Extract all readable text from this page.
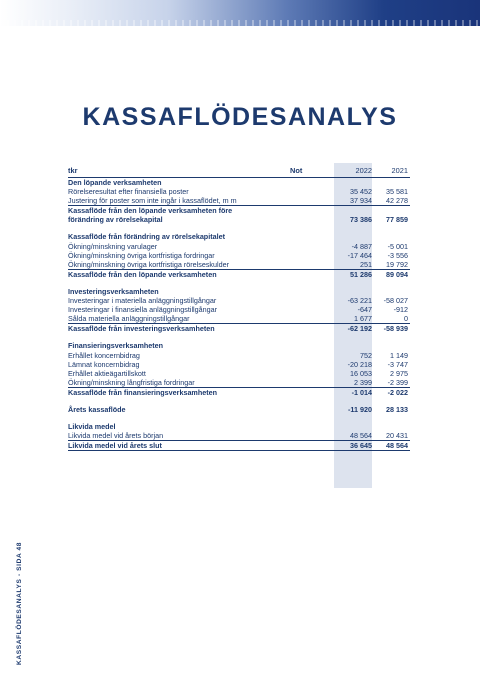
KASSAFLÖDESANALYS
tkr	Not	2022	2021
Den löpande verksamheten			
Rörelseresultat efter finansiella poster		35 452	35 581
Justering för poster som inte ingår i kassaflödet, m m		37 934	42 278
Kassaflöde från den löpande verksamheten före			
förändring av rörelsekapital		73 386	77 859

Kassaflöde från förändring av rörelsekapitalet			
Ökning/minskning varulager		-4 887	-5 001
Ökning/minskning övriga kortfristiga fordringar		-17 464	-3 556
Ökning/minskning övriga kortfristiga rörelseskulder		251	19 792
Kassaflöde från den löpande verksamheten		51 286	89 094

Investeringsverksamheten			
Investeringar i materiella anläggningstillgångar		-63 221	-58 027
Investeringar i finansiella anläggningstillgångar		-647	-912
Sålda materiella anläggningstillgångar		1 677	0
Kassaflöde från investeringsverksamheten		-62 192	-58 939

Finansieringsverksamheten			
Erhållet koncernbidrag		752	1 149
Lämnat koncernbidrag		-20 218	-3 747
Erhållet aktieägartillskott		16 053	2 975
Ökning/minskning långfristiga fordringar		2 399	-2 399
Kassaflöde från finansieringsverksamheten		-1 014	-2 022

Årets kassaflöde		-11 920	28 133

Likvida medel			
Likvida medel vid årets början		48 564	20 431
Likvida medel vid årets slut		36 645	48 564
KASSAFLÖDESANALYS - SIDA 48
